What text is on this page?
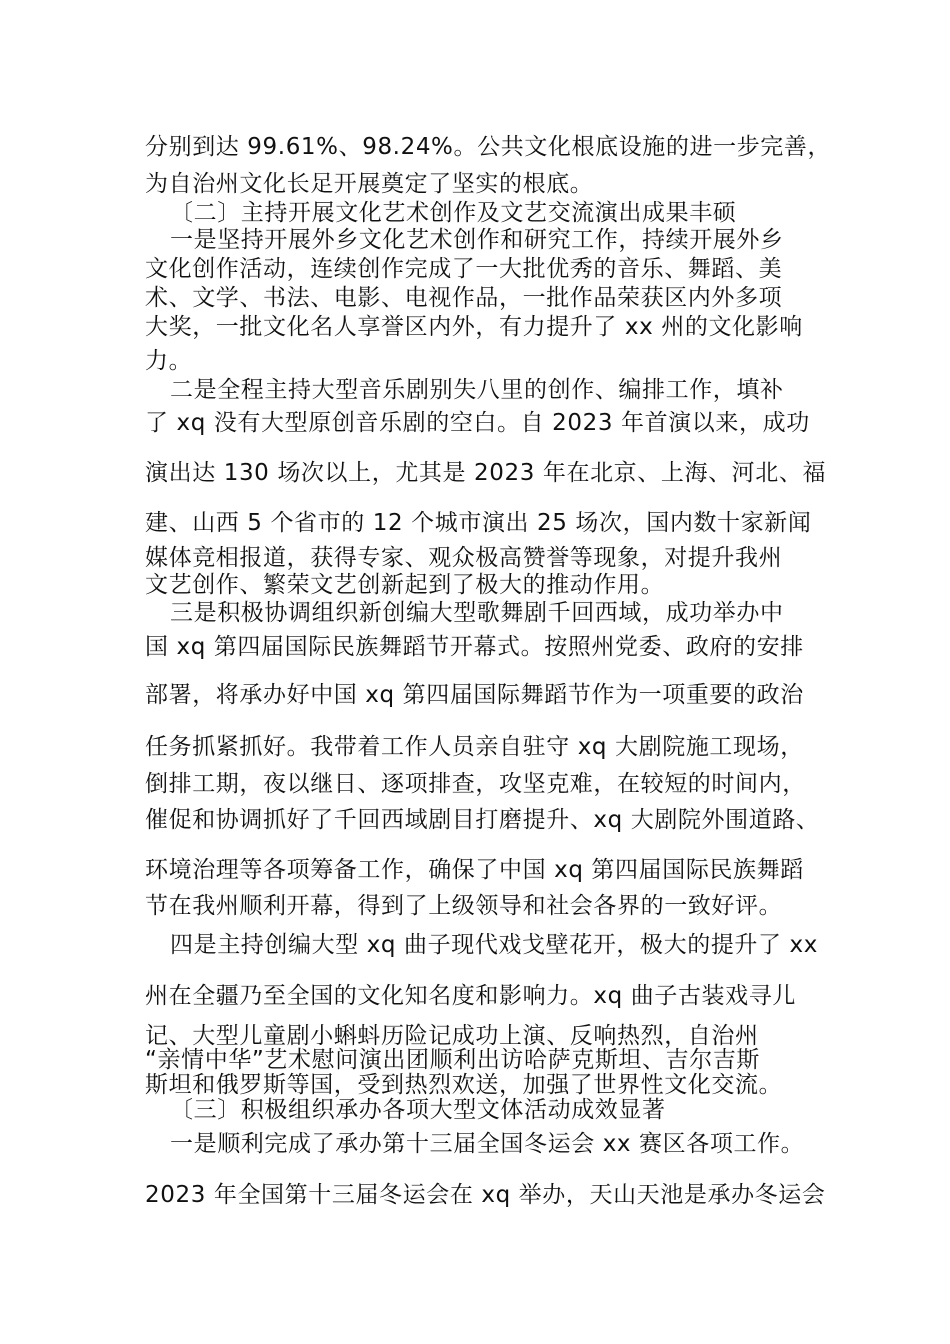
分别到达 99.61%、98.24%。公共文化根底设施的进一步完善，
为自治州文化长足开展奠定了坚实的根底。
〔二〕主持开展文化艺术创作及文艺交流演出成果丰硕
一是坚持开展外乡文化艺术创作和研究工作，持续开展外乡
文化创作活动，连续创作完成了一大批优秀的音乐、舞蹈、美
术、文学、书法、电影、电视作品，一批作品荣获区内外多项
大奖，一批文化名人享誉区内外，有力提升了 xx 州的文化影响
力。
二是全程主持大型音乐剧别失八里的创作、编排工作，填补
了 xq 没有大型原创音乐剧的空白。自 2023 年首演以来，成功
演出达 130 场次以上，尤其是 2023 年在北京、上海、河北、福
建、山西 5 个省市的 12 个城市演出 25 场次，国内数十家新闻
媒体竞相报道，获得专家、观众极高赞誉等现象，对提升我州
文艺创作、繁荣文艺创新起到了极大的推动作用。
三是积极协调组织新创编大型歌舞剧千回西域，成功举办中
国 xq 第四届国际民族舞蹈节开幕式。按照州党委、政府的安排
部署，将承办好中国 xq 第四届国际舞蹈节作为一项重要的政治
任务抓紧抓好。我带着工作人员亲自驻守 xq 大剧院施工现场，
倒排工期，夜以继日、逐项排查，攻坚克难，在较短的时间内，
催促和协调抓好了千回西域剧目打磨提升、xq 大剧院外围道路、
环境治理等各项筹备工作，确保了中国 xq 第四届国际民族舞蹈
节在我州顺利开幕，得到了上级领导和社会各界的一致好评。
四是主持创编大型 xq 曲子现代戏戈壁花开，极大的提升了 xx
州在全疆乃至全国的文化知名度和影响力。xq 曲子古装戏寻儿
记、大型儿童剧小蝌蚪历险记成功上演、反响热烈，自治州
“亲情中华”艺术慰问演出团顺利出访哈萨克斯坦、吉尔吉斯
斯坦和俄罗斯等国，受到热烈欢送，加强了世界性文化交流。
〔三〕积极组织承办各项大型文体活动成效显著
一是顺利完成了承办第十三届全国冬运会 xx 赛区各项工作。
2023 年全国第十三届冬运会在 xq 举办，天山天池是承办冬运会
